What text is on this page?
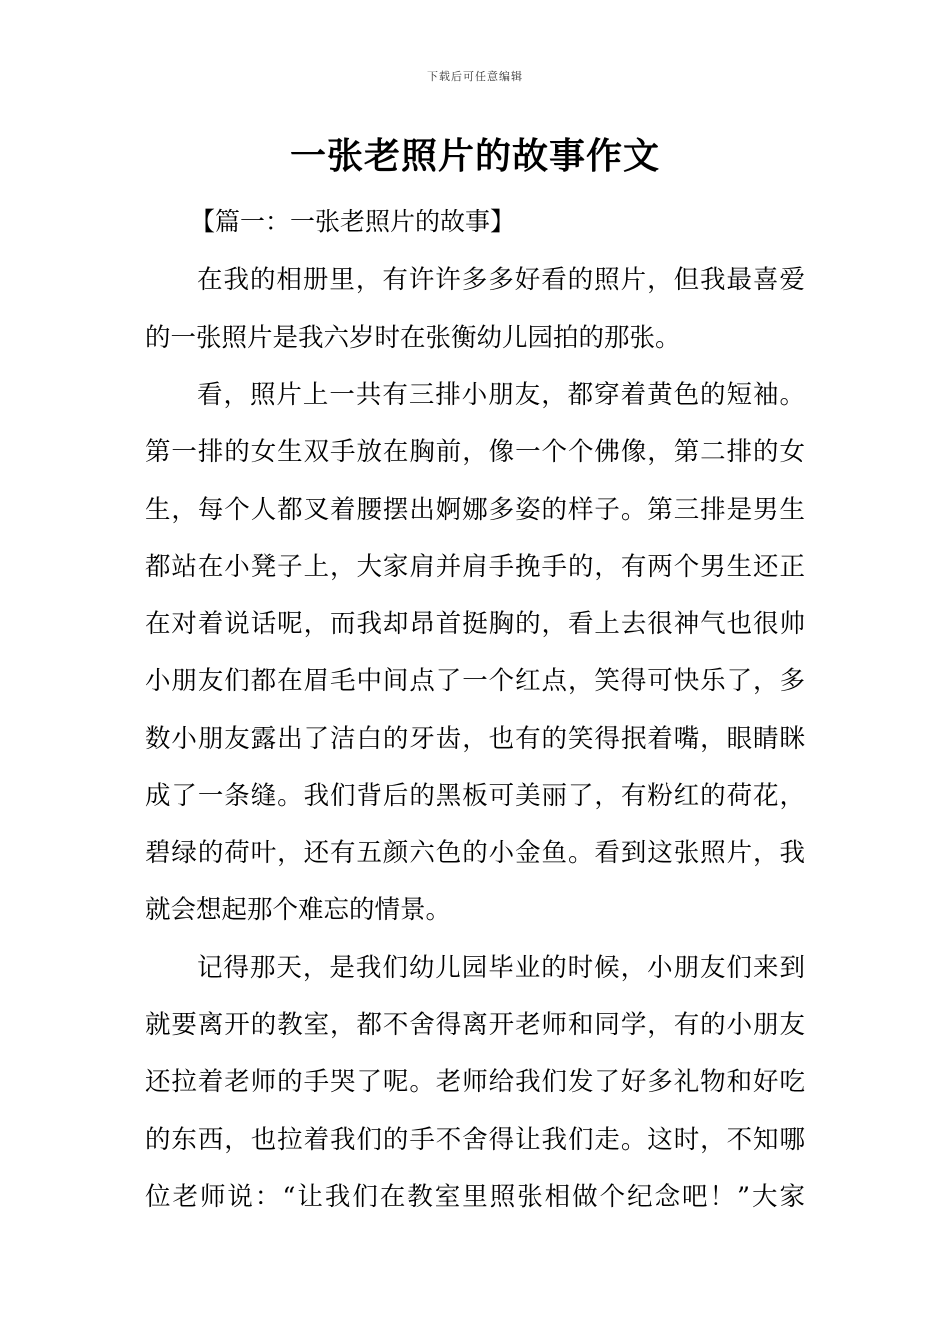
下载后可任意编辑
一张老照片的故事作文
【篇一：一张老照片的故事】
在我的相册里，有许许多多好看的照片，但我最喜爱
的一张照片是我六岁时在张衡幼儿园拍的那张。
看，照片上一共有三排小朋友，都穿着黄色的短袖。
第一排的女生双手放在胸前，像一个个佛像，第二排的女
生，每个人都叉着腰摆出婀娜多姿的样子。第三排是男生
都站在小凳子上，大家肩并肩手挽手的，有两个男生还正
在对着说话呢，而我却昂首挺胸的，看上去很神气也很帅
小朋友们都在眉毛中间点了一个红点，笑得可快乐了，多
数小朋友露出了洁白的牙齿，也有的笑得抿着嘴，眼睛眯
成了一条缝。我们背后的黑板可美丽了，有粉红的荷花，
碧绿的荷叶，还有五颜六色的小金鱼。看到这张照片，我
就会想起那个难忘的情景。
记得那天，是我们幼儿园毕业的时候，小朋友们来到
就要离开的教室，都不舍得离开老师和同学，有的小朋友
还拉着老师的手哭了呢。老师给我们发了好多礼物和好吃
的东西，也拉着我们的手不舍得让我们走。这时，不知哪
位老师说：“让我们在教室里照张相做个纪念吧！”大家
